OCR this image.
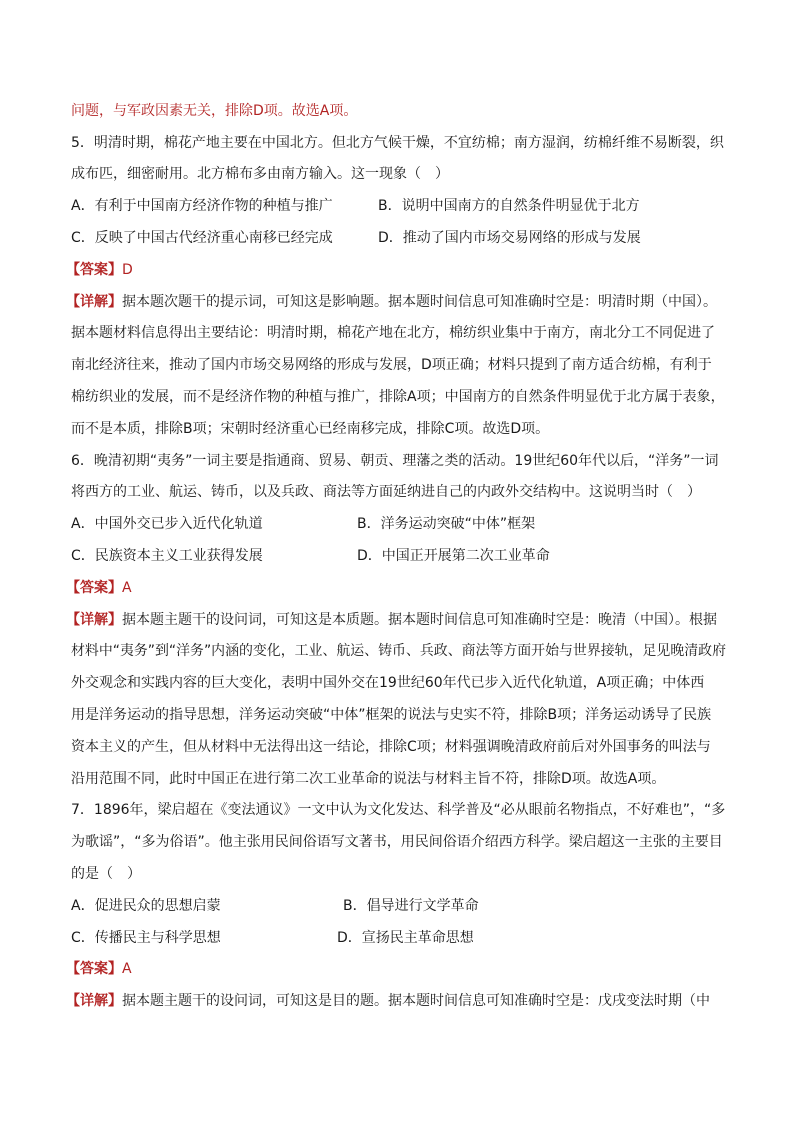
问题，与军政因素无关，排除D项。故选A项。
5．明清时期，棉花产地主要在中国北方。但北方气候干燥，不宜纺棉；南方湿润，纺棉纤维不易断裂，织
成布匹，细密耐用。北方棉布多由南方输入。这一现象（　）
A．有利于中国南方经济作物的种植与推广	B．说明中国南方的自然条件明显优于北方
C．反映了中国古代经济重心南移已经完成	D．推动了国内市场交易网络的形成与发展
【答案】D
【详解】据本题次题干的提示词，可知这是影响题。据本题时间信息可知准确时空是：明清时期（中国）。
据本题材料信息得出主要结论：明清时期，棉花产地在北方，棉纺织业集中于南方，南北分工不同促进了
南北经济往来，推动了国内市场交易网络的形成与发展，D项正确；材料只提到了南方适合纺棉，有利于
棉纺织业的发展，而不是经济作物的种植与推广，排除A项；中国南方的自然条件明显优于北方属于表象，
而不是本质，排除B项；宋朝时经济重心已经南移完成，排除C项。故选D项。
6．晚清初期“夷务”一词主要是指通商、贸易、朝贡、理藩之类的活动。19世纪60年代以后，“洋务”一词
将西方的工业、航运、铸币，以及兵政、商法等方面延纳进自己的内政外交结构中。这说明当时（　）
A．中国外交已步入近代化轨道	B．洋务运动突破“中体”框架
C．民族资本主义工业获得发展	D．中国正开展第二次工业革命
【答案】A
【详解】据本题主题干的设问词，可知这是本质题。据本题时间信息可知准确时空是：晚清（中国）。根据
材料中“夷务”到“洋务”内涵的变化，工业、航运、铸币、兵政、商法等方面开始与世界接轨，足见晚清政府
外交观念和实践内容的巨大变化，表明中国外交在19世纪60年代已步入近代化轨道，A项正确；中体西
用是洋务运动的指导思想，洋务运动突破“中体”框架的说法与史实不符，排除B项；洋务运动诱导了民族
资本主义的产生，但从材料中无法得出这一结论，排除C项；材料强调晚清政府前后对外国事务的叫法与
沿用范围不同，此时中国正在进行第二次工业革命的说法与材料主旨不符，排除D项。故选A项。
7．1896年，梁启超在《变法通议》一文中认为文化发达、科学普及“必从眼前名物指点，不好难也”，“多
为歌谣”，“多为俗语”。他主张用民间俗语写文著书，用民间俗语介绍西方科学。梁启超这一主张的主要目
的是（　）
A．促进民众的思想启蒙	B．倡导进行文学革命
C．传播民主与科学思想	D．宣扬民主革命思想
【答案】A
【详解】据本题主题干的设问词，可知这是目的题。据本题时间信息可知准确时空是：戊戌变法时期（中
